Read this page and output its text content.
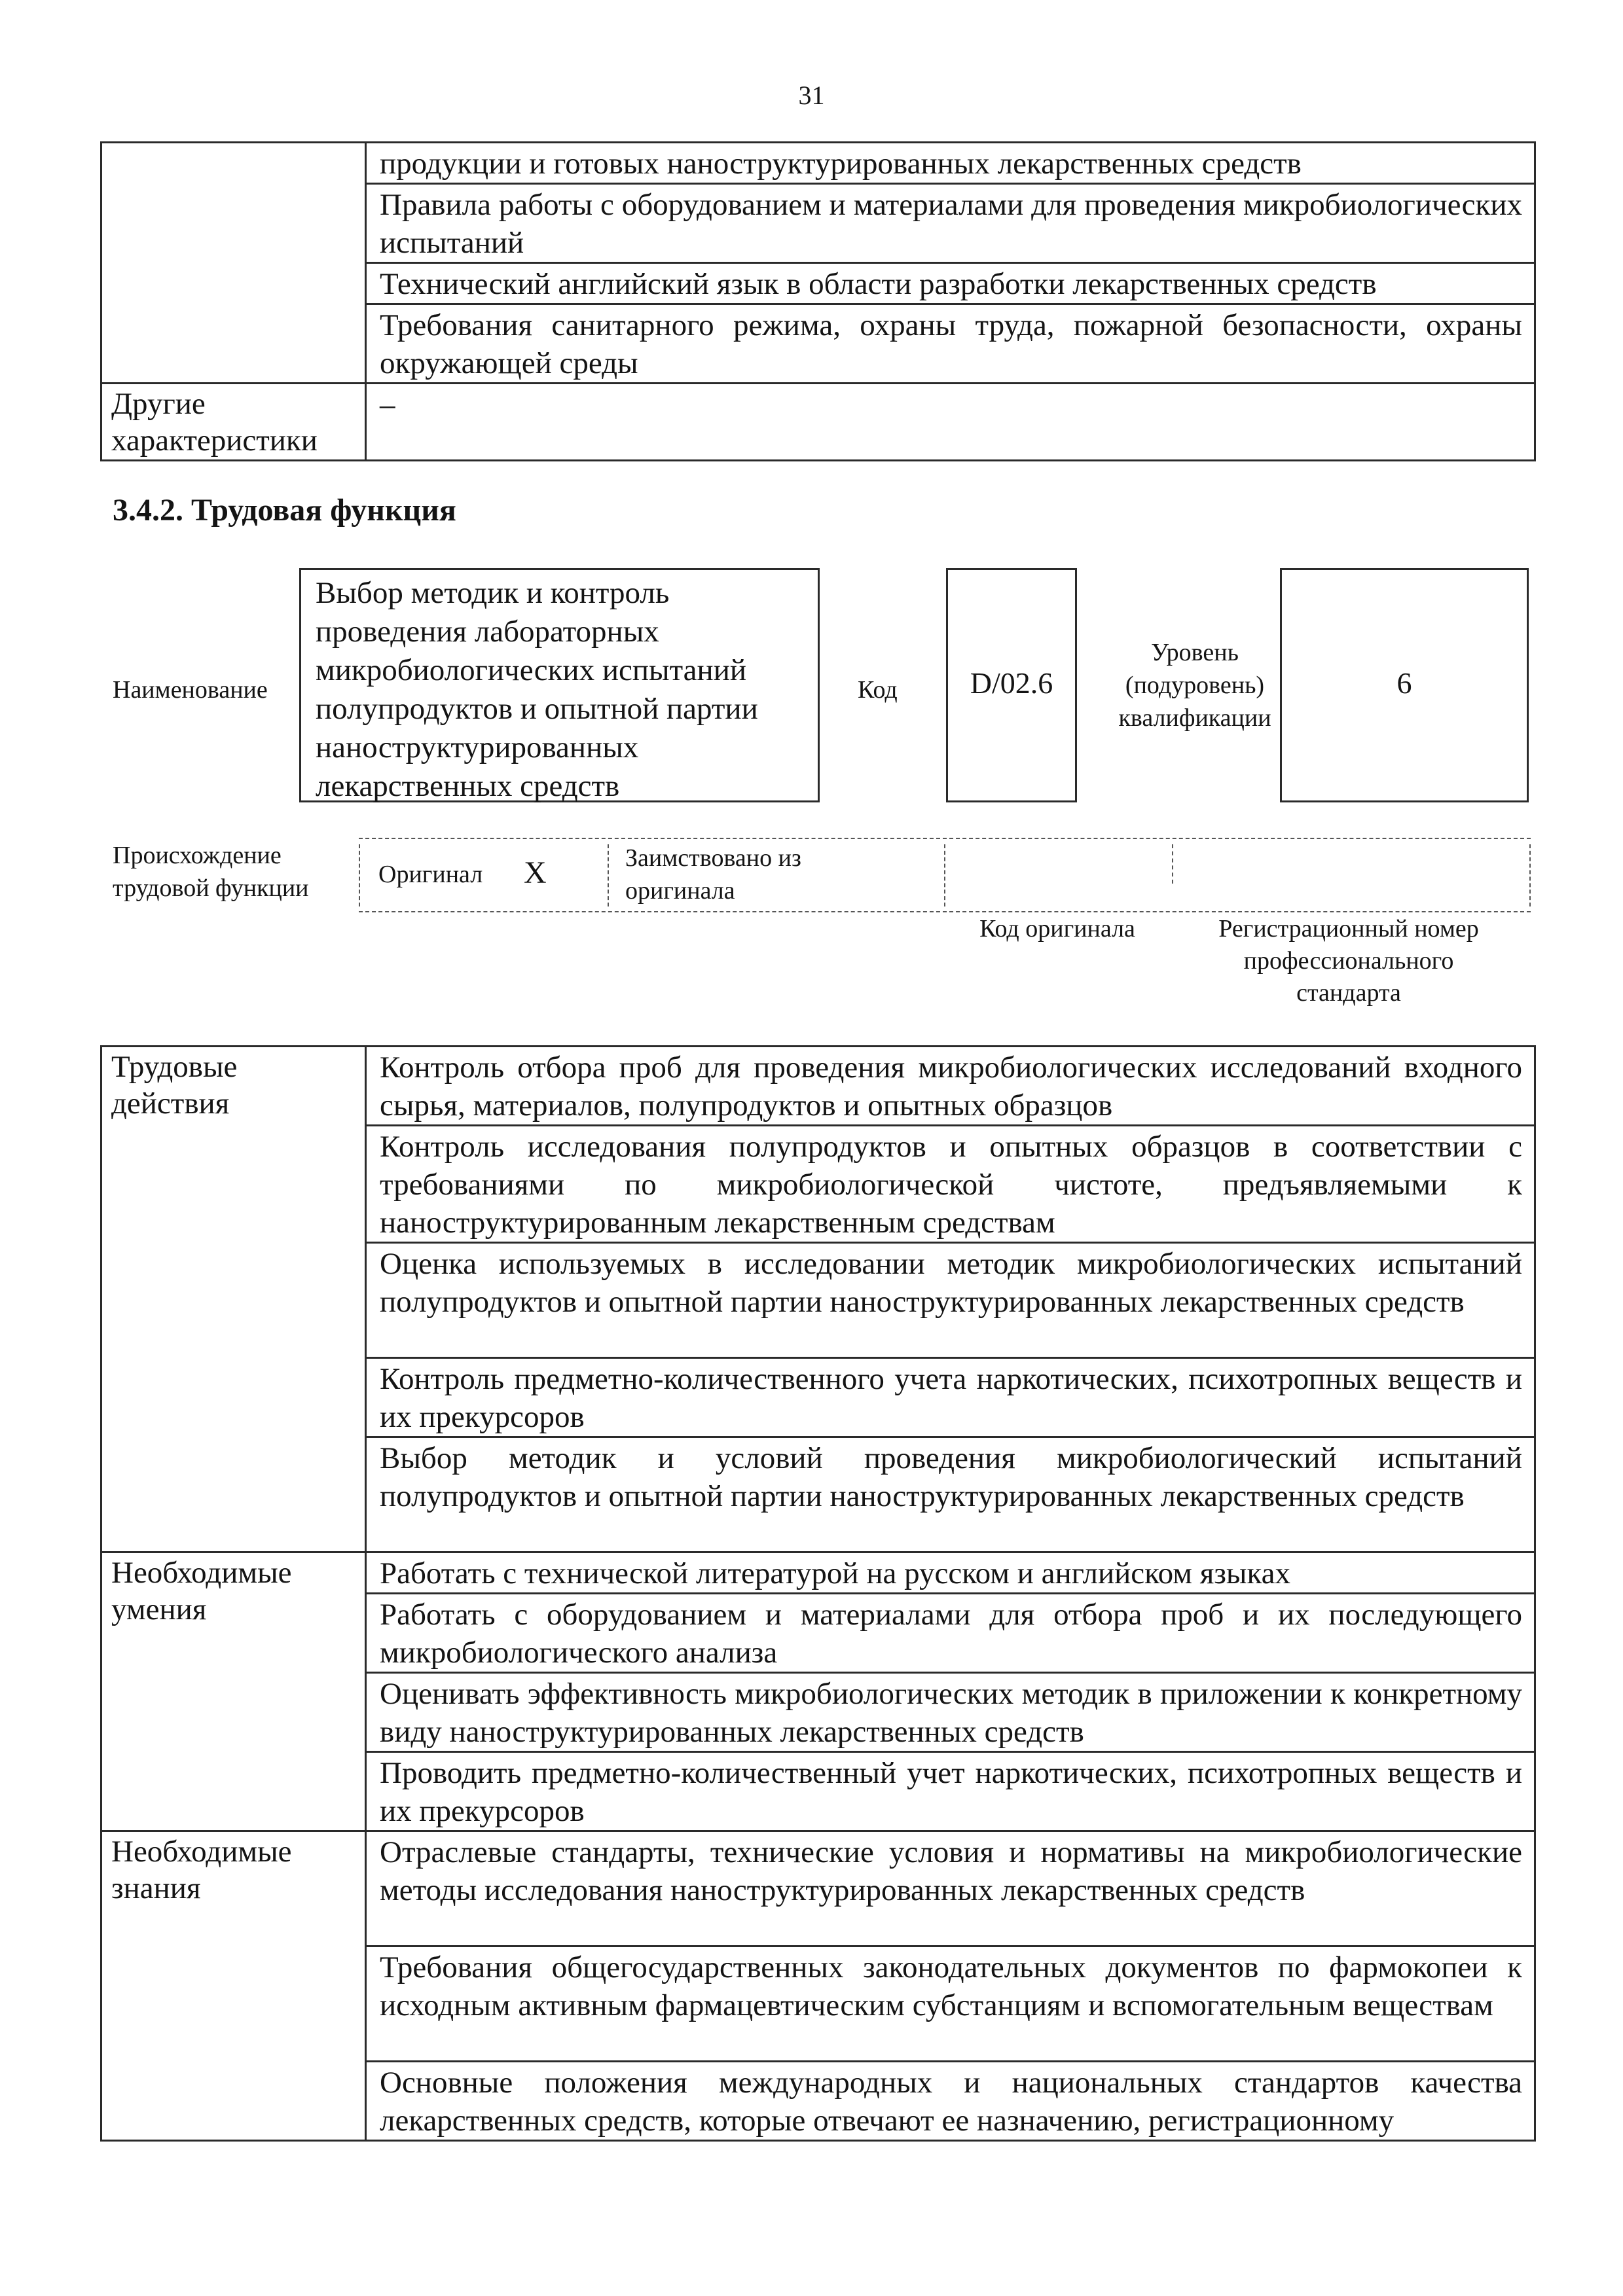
31
	продукции и готовых наноструктурированных лекарственных средств
	Правила работы с оборудованием и материалами для проведения микробиологических испытаний
	Технический английский язык в области разработки лекарственных средств
	Требования санитарного режима, охраны труда, пожарной безопасности, охраны окружающей среды
Другие характеристики	–
3.4.2. Трудовая функция
Наименование
Выбор методик и контроль проведения лабораторных микробиологических испытаний полупродуктов и опытной партии наноструктурированных лекарственных средств
Код	D/02.6
Уровень (подуровень) квалификации
6
Происхождение трудовой функции	Оригинал X	Заимствовано из оригинала
Код оригинала	Регистрационный номер профессионального стандарта
Трудовые действия	Контроль отбора проб для проведения микробиологических исследований входного сырья, материалов, полупродуктов и опытных образцов
	Контроль исследования полупродуктов и опытных образцов в соответствии с требованиями по микробиологической чистоте, предъявляемыми к наноструктурированным лекарственным средствам
	Оценка используемых в исследовании методик микробиологических испытаний полупродуктов и опытной партии наноструктурированных лекарственных средств
	Контроль предметно-количественного учета наркотических, психотропных веществ и их прекурсоров
	Выбор методик и условий проведения микробиологический испытаний полупродуктов и опытной партии наноструктурированных лекарственных средств
Необходимые умения	Работать с технической литературой на русском и английском языках
	Работать с оборудованием и материалами для отбора проб и их последующего микробиологического анализа
	Оценивать эффективность микробиологических методик в приложении к конкретному виду наноструктурированных лекарственных средств
	Проводить предметно-количественный учет наркотических, психотропных веществ и их прекурсоров
Необходимые знания	Отраслевые стандарты, технические условия и нормативы на микробиологические методы исследования наноструктурированных лекарственных средств
	Требования общегосударственных законодательных документов по фармокопеи к исходным активным фармацевтическим субстанциям и вспомогательным веществам
	Основные положения международных и национальных стандартов качества лекарственных средств, которые отвечают ее назначению, регистрационному
